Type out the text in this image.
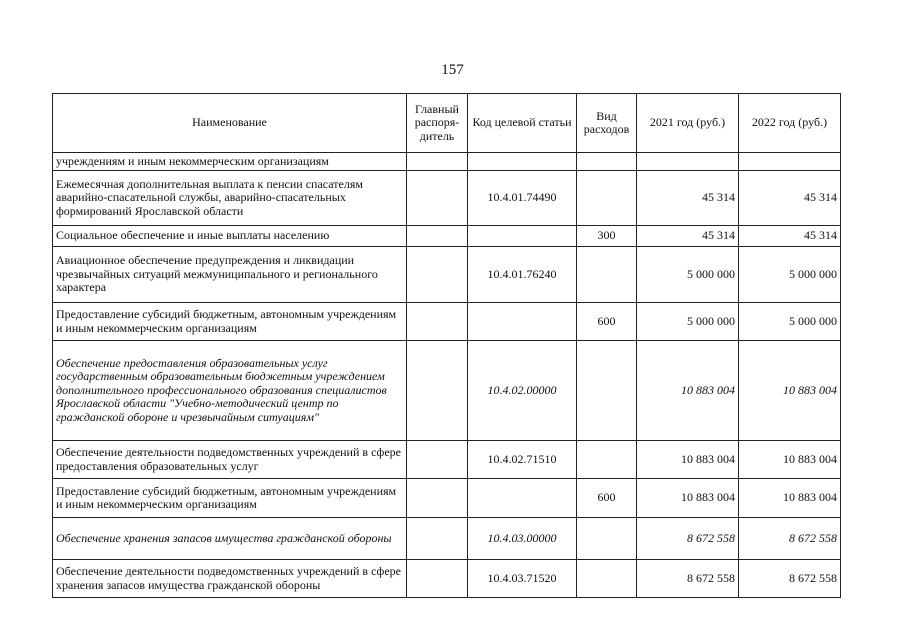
157
Наименование	Главный распоря-дитель	Код целевой статьи	Вид расходов	2021 год (руб.)	2022 год (руб.)
учреждениям и иным некоммерческим организациям					
Ежемесячная дополнительная выплата к пенсии спасателям аварийно-спасательной службы, аварийно-спасательных формирований Ярославской области		10.4.01.74490		45 314	45 314
Социальное обеспечение и иные выплаты населению			300	45 314	45 314
Авиационное обеспечение предупреждения и ликвидации чрезвычайных ситуаций межмуниципального и регионального характера		10.4.01.76240		5 000 000	5 000 000
Предоставление субсидий бюджетным, автономным учреждениям и иным некоммерческим организациям			600	5 000 000	5 000 000
Обеспечение предоставления образовательных услуг государственным образовательным бюджетным учреждением дополнительного профессионального образования специалистов Ярославской области "Учебно-методический центр по гражданской обороне и чрезвычайным ситуациям"		10.4.02.00000		10 883 004	10 883 004
Обеспечение деятельности подведомственных учреждений в сфере предоставления образовательных услуг		10.4.02.71510		10 883 004	10 883 004
Предоставление субсидий бюджетным, автономным учреждениям и иным некоммерческим организациям			600	10 883 004	10 883 004
Обеспечение хранения запасов имущества гражданской обороны		10.4.03.00000		8 672 558	8 672 558
Обеспечение деятельности подведомственных учреждений в сфере хранения запасов имущества гражданской обороны		10.4.03.71520		8 672 558	8 672 558
